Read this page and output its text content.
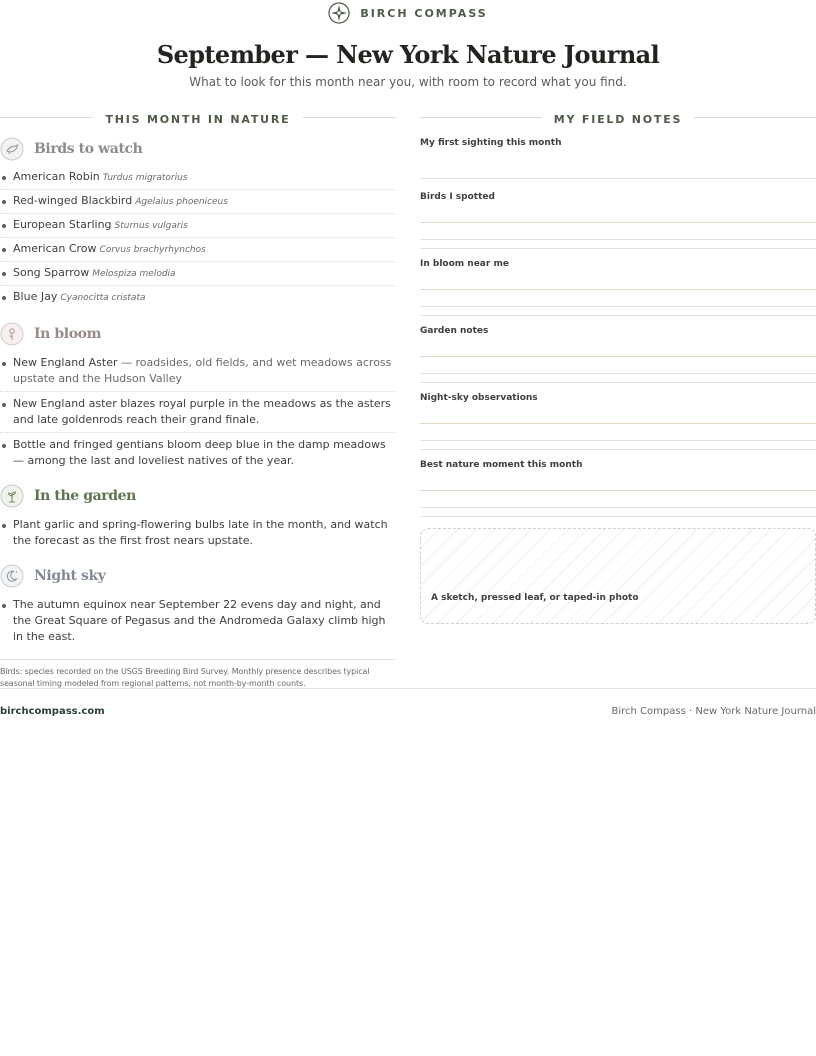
BIRCH COMPASS
September — New York Nature Journal

What to look for this month near you, with room to record what you find.

THIS MONTH IN NATURE
Birds to watch
American Robin Turdus migratorius
Red-winged Blackbird Agelaius phoeniceus
European Starling Sturnus vulgaris
American Crow Corvus brachyrhynchos
Song Sparrow Melospiza melodia
Blue Jay Cyanocitta cristata
In bloom
New England Aster — roadsides, old fields, and wet meadows across upstate and the Hudson Valley
New England aster blazes royal purple in the meadows as the asters and late goldenrods reach their grand finale.
Bottle and fringed gentians bloom deep blue in the damp meadows — among the last and loveliest natives of the year.
In the garden
Plant garlic and spring-flowering bulbs late in the month, and watch the forecast as the first frost nears upstate.
Night sky
The autumn equinox near September 22 evens day and night, and the Great Square of Pegasus and the Andromeda Galaxy climb high in the east.

Birds: species recorded on the USGS Breeding Bird Survey. Monthly presence describes typical seasonal timing modeled from regional patterns, not month-by-month counts.

MY FIELD NOTES
My first sighting this month
Birds I spotted
In bloom near me
Garden notes
Night-sky observations
Best nature moment this month
A sketch, pressed leaf, or taped-in photo
birchcompass.com	Birch Compass · New York Nature Journal
